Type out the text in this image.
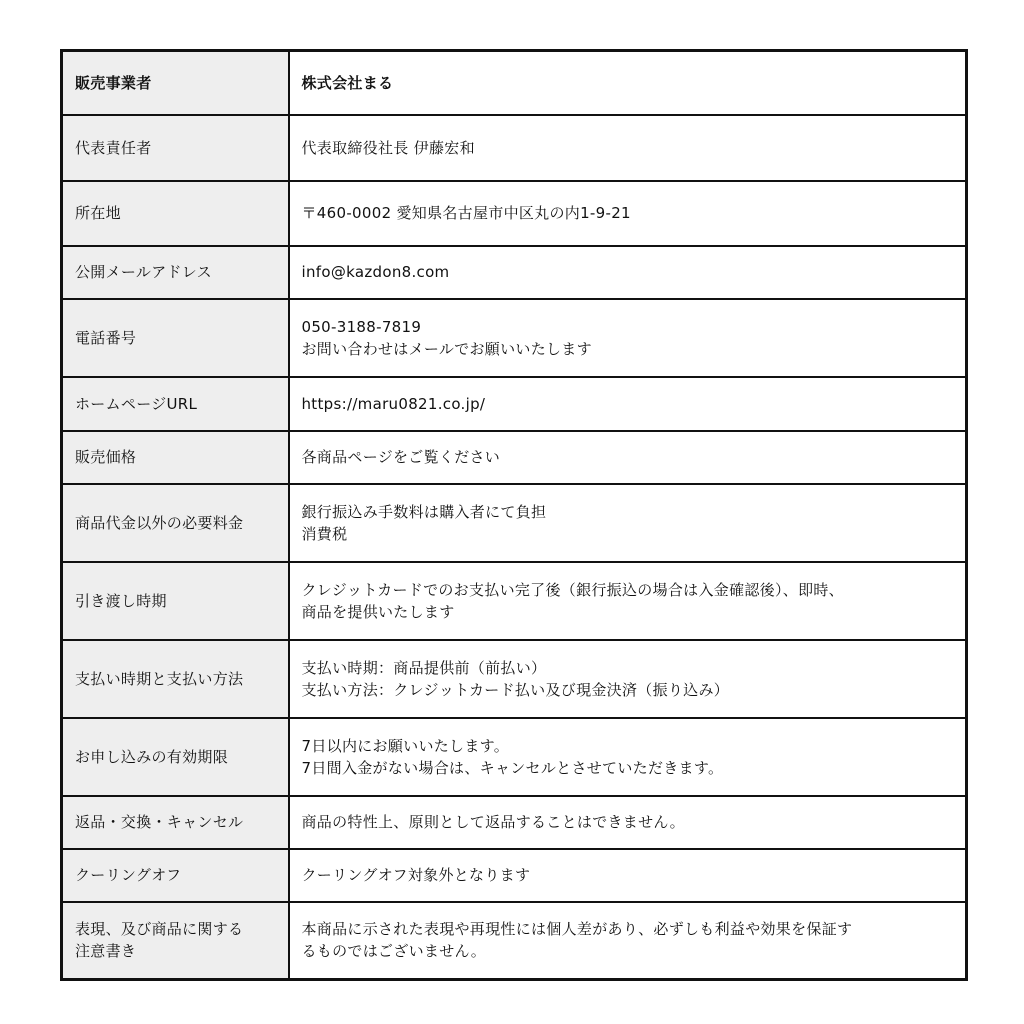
販売事業者	株式会社まる
代表責任者	代表取締役社長 伊藤宏和

所在地	〒460-0002 愛知県名古屋市中区丸の内1-9-21

公開メールアドレス	info@kazdon8.com

電話番号	050-3188-7819
お問い合わせはメールでお願いいたします

ホームページURL	https://maru0821.co.jp/

販売価格	各商品ページをご覧ください

商品代金以外の必要料金	銀行振込み手数料は購入者にて負担
消費税

引き渡し時期	クレジットカードでのお支払い完了後（銀行振込の場合は入金確認後）、即時、
商品を提供いたします

支払い時期と支払い方法	支払い時期：商品提供前（前払い）
支払い方法：クレジットカード払い及び現金決済（振り込み）

お申し込みの有効期限	7日以内にお願いいたします。
7日間入金がない場合は、キャンセルとさせていただきます。

返品・交換・キャンセル	商品の特性上、原則として返品することはできません。

クーリングオフ	クーリングオフ対象外となります

表現、及び商品に関する
注意書き	本商品に示された表現や再現性には個人差があり、必ずしも利益や効果を保証す
るものではございません。
